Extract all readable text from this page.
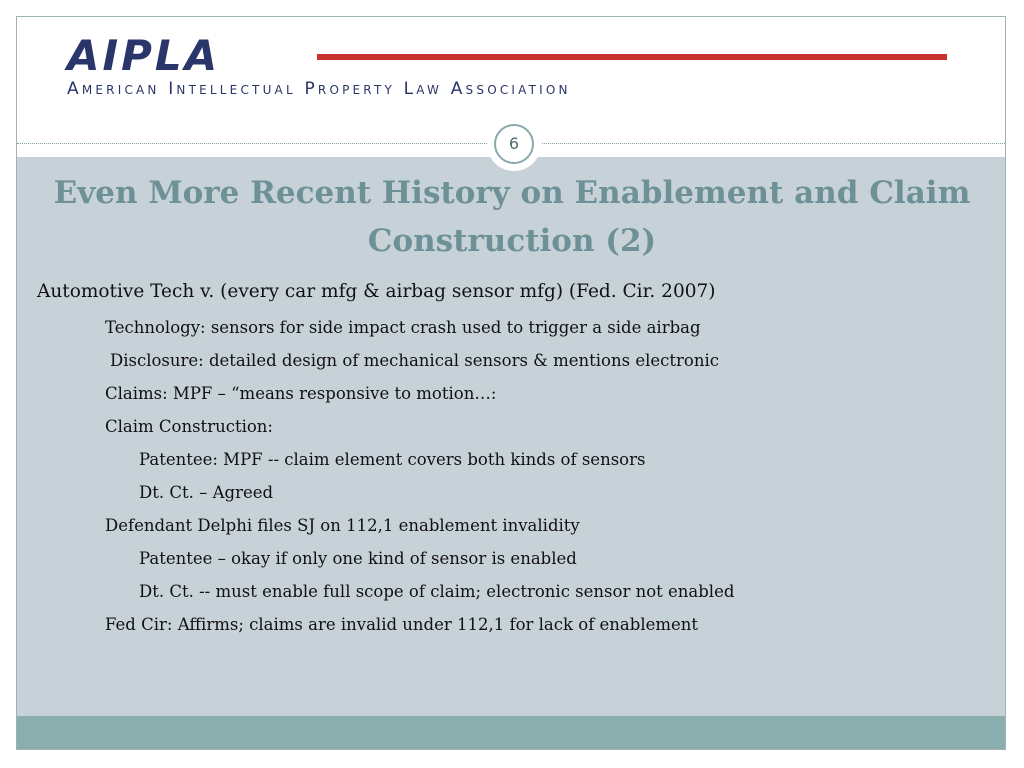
AIPLA
American Intellectual Property Law Association
6
Even More Recent History on Enablement and Claim Construction (2)
Automotive Tech v. (every car mfg & airbag sensor mfg) (Fed. Cir. 2007)
Technology: sensors for side impact crash used to trigger a side airbag
Disclosure: detailed design of mechanical sensors & mentions electronic
Claims: MPF – “means responsive to motion…:
Claim Construction:
Patentee: MPF -- claim element covers both kinds of sensors
Dt. Ct. – Agreed
Defendant Delphi files SJ on 112,1 enablement invalidity
Patentee – okay if only one kind of sensor is enabled
Dt. Ct. -- must enable full scope of claim; electronic sensor not enabled
Fed Cir: Affirms; claims are invalid under 112,1 for lack of enablement
